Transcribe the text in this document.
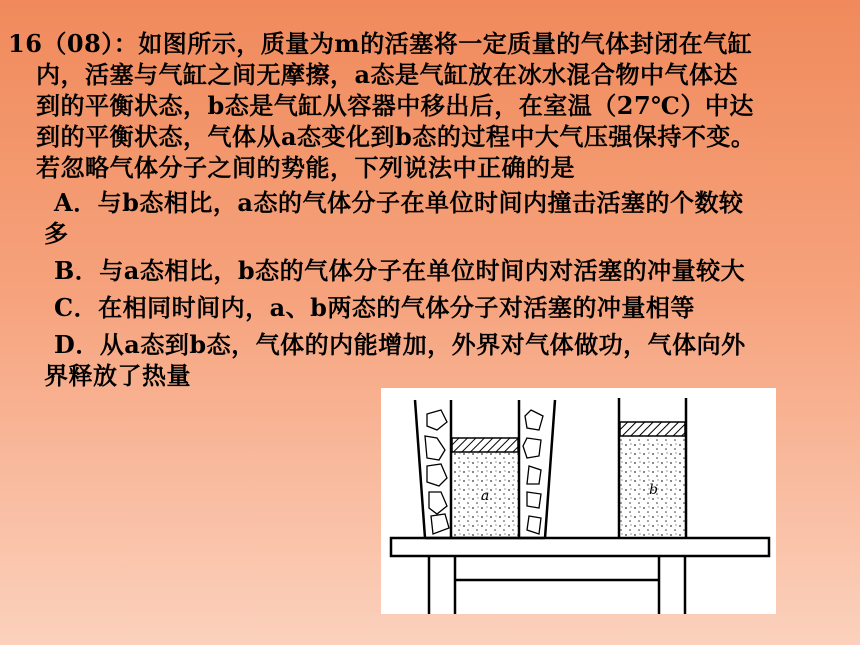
16（08）：如图所示，质量为m的活塞将一定质量的气体封闭在气缸
内，活塞与气缸之间无摩擦，a态是气缸放在冰水混合物中气体达
到的平衡状态，b态是气缸从容器中移出后，在室温（27℃）中达
到的平衡状态，气体从a态变化到b态的过程中大气压强保持不变。
若忽略气体分子之间的势能，下列说法中正确的是
A．与b态相比，a态的气体分子在单位时间内撞击活塞的个数较
多
B．与a态相比，b态的气体分子在单位时间内对活塞的冲量较大
C．在相同时间内，a、b两态的气体分子对活塞的冲量相等
D．从a态到b态，气体的内能增加，外界对气体做功，气体向外
界释放了热量
a	b
